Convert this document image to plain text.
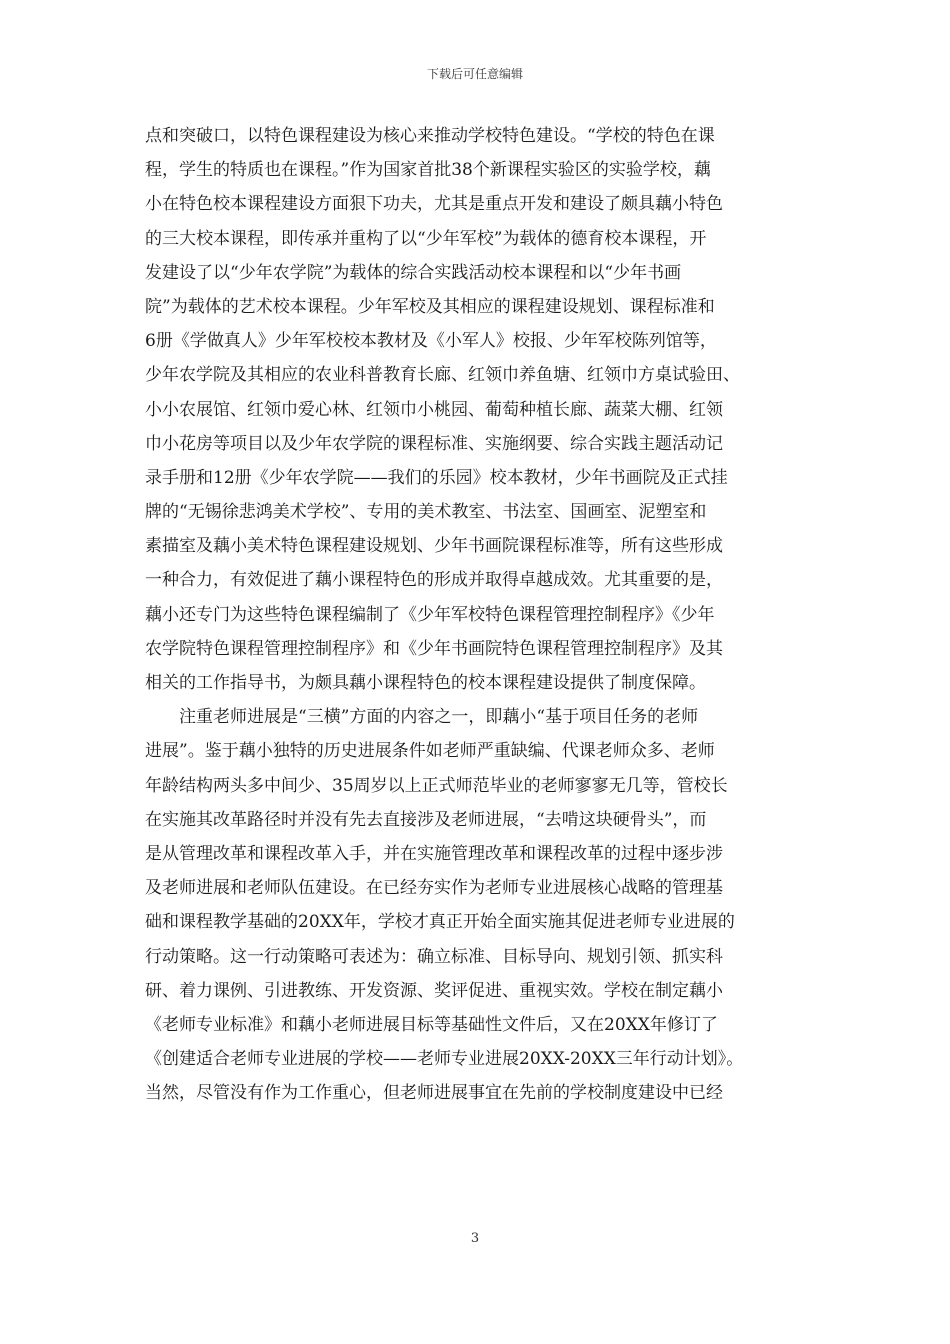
下载后可任意编辑
点和突破口，以特色课程建设为核心来推动学校特色建设。“学校的特色在课
程，学生的特质也在课程。”作为国家首批38个新课程实验区的实验学校，藕
小在特色校本课程建设方面狠下功夫，尤其是重点开发和建设了颇具藕小特色
的三大校本课程，即传承并重构了以“少年军校”为载体的德育校本课程，开
发建设了以“少年农学院”为载体的综合实践活动校本课程和以“少年书画
院”为载体的艺术校本课程。少年军校及其相应的课程建设规划、课程标准和
6册《学做真人》少年军校校本教材及《小军人》校报、少年军校陈列馆等，
少年农学院及其相应的农业科普教育长廊、红领巾养鱼塘、红领巾方桌试验田、
小小农展馆、红领巾爱心林、红领巾小桃园、葡萄种植长廊、蔬菜大棚、红领
巾小花房等项目以及少年农学院的课程标准、实施纲要、综合实践主题活动记
录手册和12册《少年农学院——我们的乐园》校本教材，少年书画院及正式挂
牌的“无锡徐悲鸿美术学校”、专用的美术教室、书法室、国画室、泥塑室和
素描室及藕小美术特色课程建设规划、少年书画院课程标准等，所有这些形成
一种合力，有效促进了藕小课程特色的形成并取得卓越成效。尤其重要的是，
藕小还专门为这些特色课程编制了《少年军校特色课程管理控制程序》《少年
农学院特色课程管理控制程序》和《少年书画院特色课程管理控制程序》及其
相关的工作指导书，为颇具藕小课程特色的校本课程建设提供了制度保障。
　　注重老师进展是“三横”方面的内容之一，即藕小“基于项目任务的老师
进展”。鉴于藕小独特的历史进展条件如老师严重缺编、代课老师众多、老师
年龄结构两头多中间少、35周岁以上正式师范毕业的老师寥寥无几等，管校长
在实施其改革路径时并没有先去直接涉及老师进展，“去啃这块硬骨头”，而
是从管理改革和课程改革入手，并在实施管理改革和课程改革的过程中逐步涉
及老师进展和老师队伍建设。在已经夯实作为老师专业进展核心战略的管理基
础和课程教学基础的20XX年，学校才真正开始全面实施其促进老师专业进展的
行动策略。这一行动策略可表述为：确立标准、目标导向、规划引领、抓实科
研、着力课例、引进教练、开发资源、奖评促进、重视实效。学校在制定藕小
《老师专业标准》和藕小老师进展目标等基础性文件后，又在20XX年修订了
《创建适合老师专业进展的学校——老师专业进展20XX-20XX三年行动计划》。
当然，尽管没有作为工作重心，但老师进展事宜在先前的学校制度建设中已经
3
